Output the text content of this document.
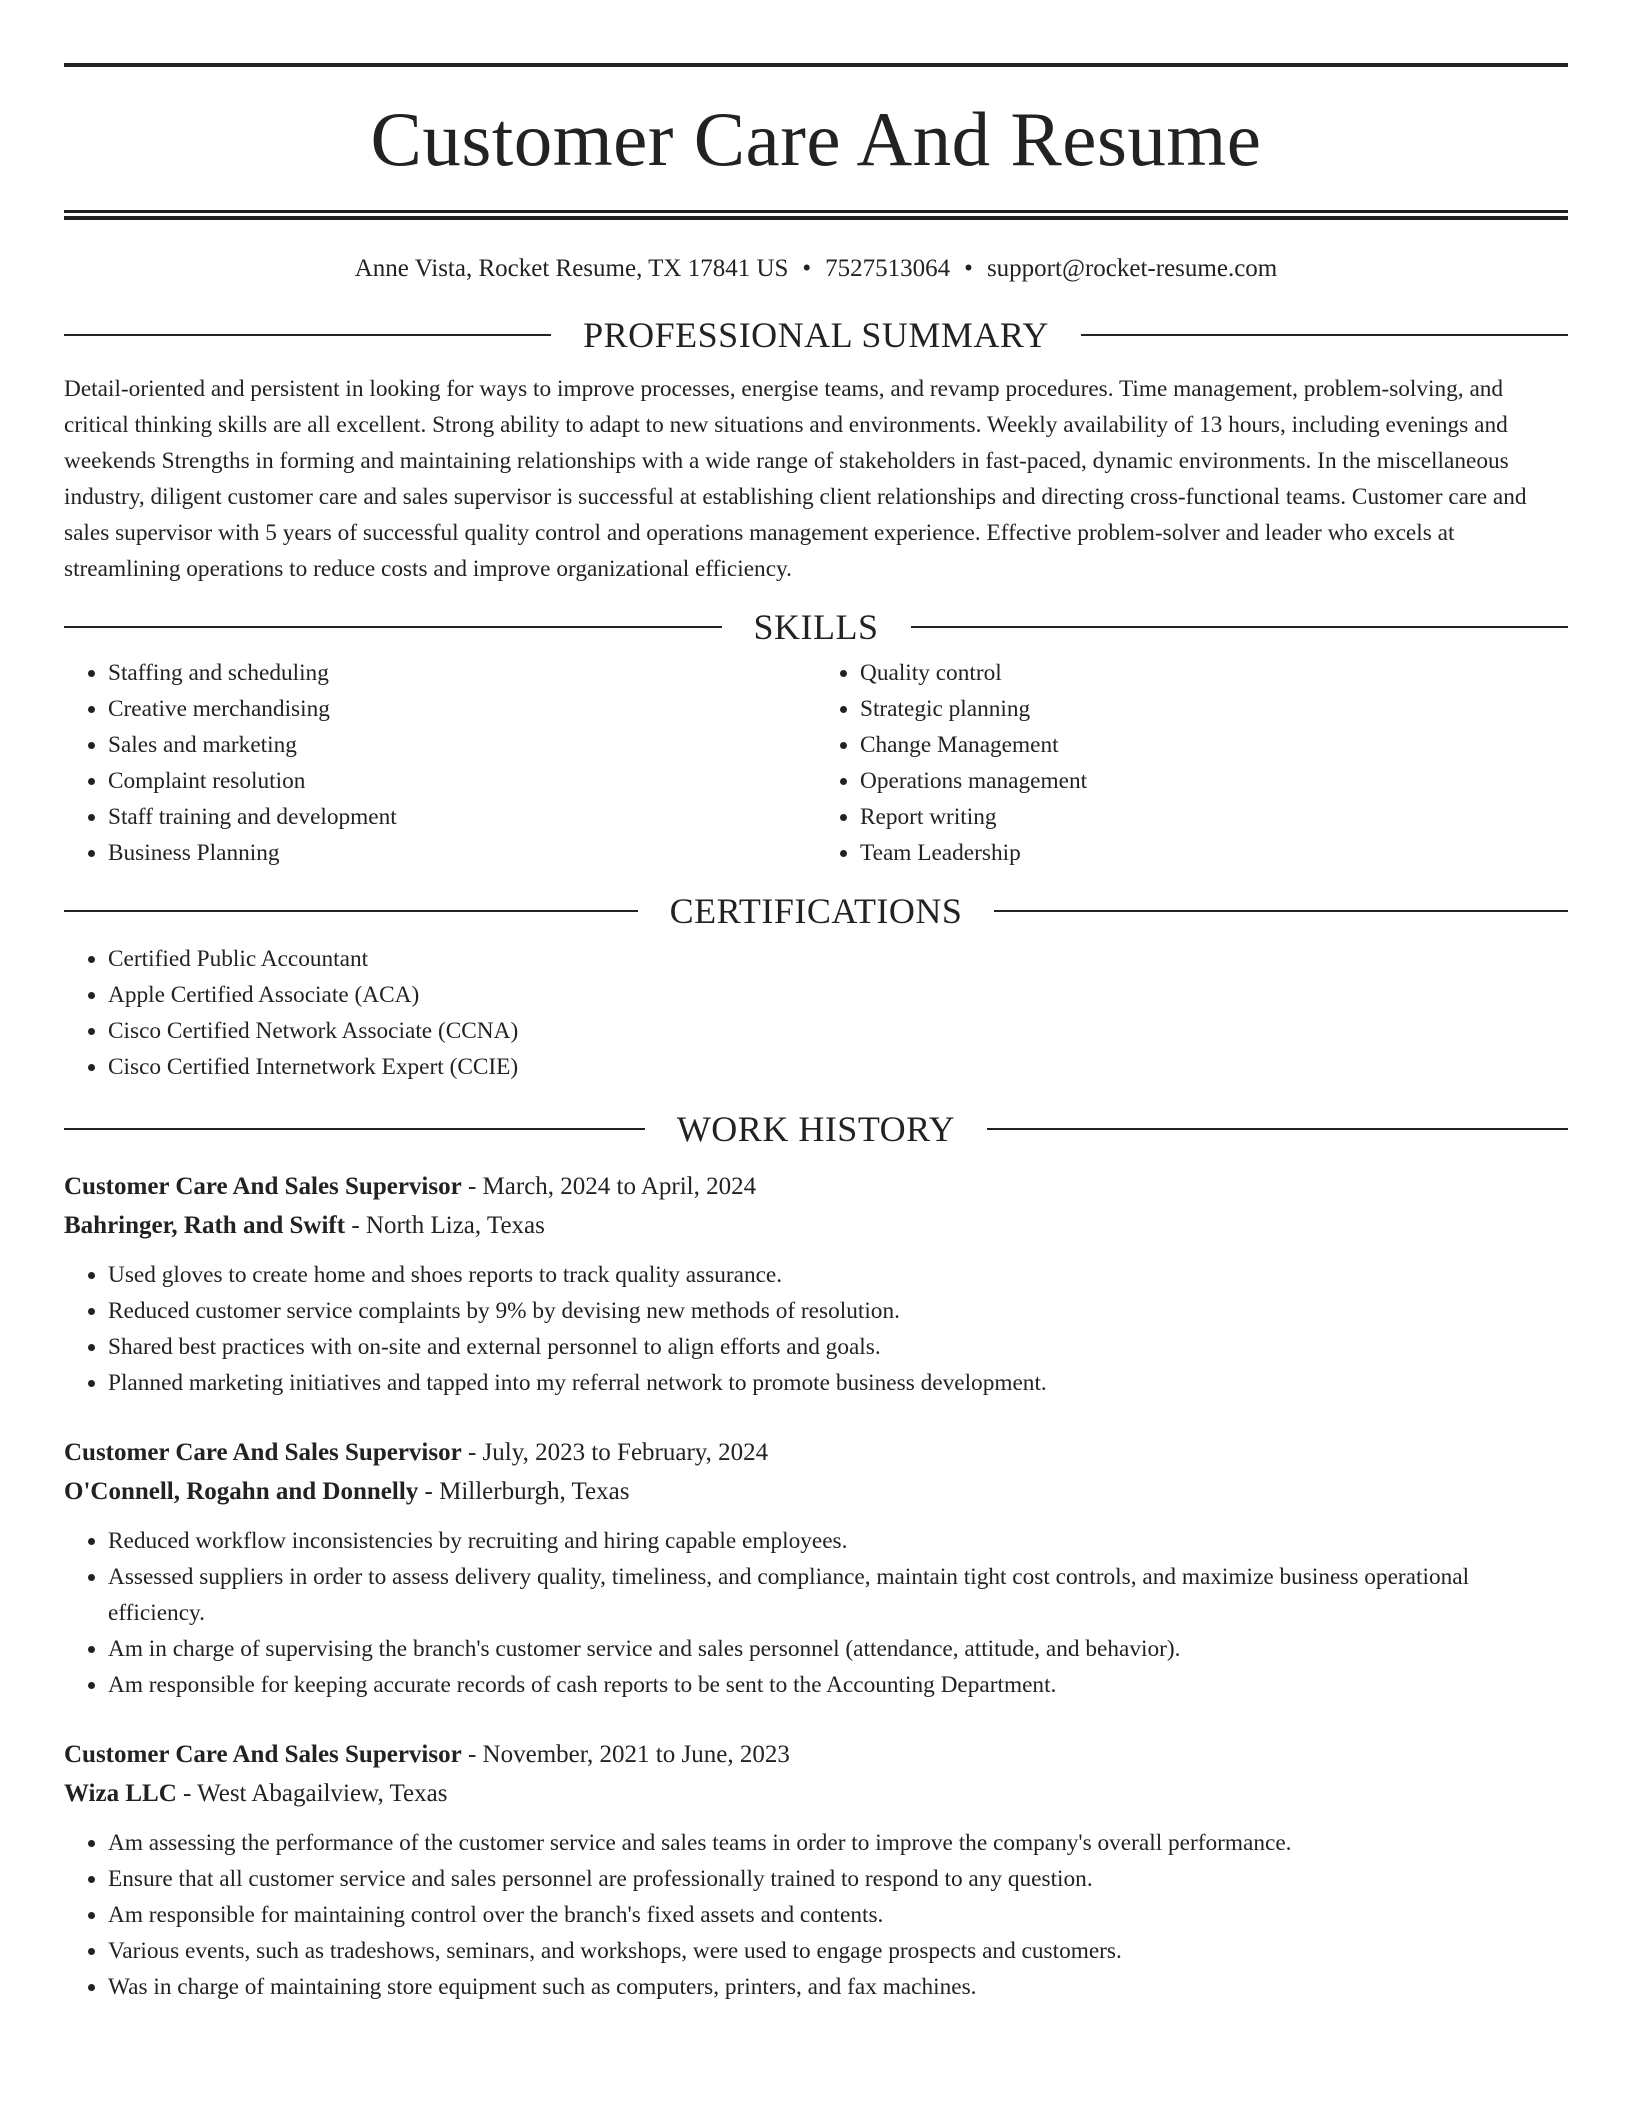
Customer Care And Resume
Anne Vista, Rocket Resume, TX 17841 US • 7527513064 • support@rocket-resume.com
PROFESSIONAL SUMMARY

Detail-oriented and persistent in looking for ways to improve processes, energise teams, and revamp procedures. Time management, problem-solving, and critical thinking skills are all excellent. Strong ability to adapt to new situations and environments. Weekly availability of 13 hours, including evenings and weekends Strengths in forming and maintaining relationships with a wide range of stakeholders in fast-paced, dynamic environments. In the miscellaneous industry, diligent customer care and sales supervisor is successful at establishing client relationships and directing cross-functional teams. Customer care and sales supervisor with 5 years of successful quality control and operations management experience. Effective problem-solver and leader who excels at streamlining operations to reduce costs and improve organizational efficiency.

SKILLS
• Staffing and scheduling
• Creative merchandising
• Sales and marketing
• Complaint resolution
• Staff training and development
• Business Planning
• Quality control
• Strategic planning
• Change Management
• Operations management
• Report writing
• Team Leadership
CERTIFICATIONS
• Certified Public Accountant
• Apple Certified Associate (ACA)
• Cisco Certified Network Associate (CCNA)
• Cisco Certified Internetwork Expert (CCIE)
WORK HISTORY
Customer Care And Sales Supervisor - March, 2024 to April, 2024
Bahringer, Rath and Swift - North Liza, Texas
• Used gloves to create home and shoes reports to track quality assurance.
• Reduced customer service complaints by 9% by devising new methods of resolution.
• Shared best practices with on-site and external personnel to align efforts and goals.
• Planned marketing initiatives and tapped into my referral network to promote business development.
Customer Care And Sales Supervisor - July, 2023 to February, 2024
O'Connell, Rogahn and Donnelly - Millerburgh, Texas
• Reduced workflow inconsistencies by recruiting and hiring capable employees.
• Assessed suppliers in order to assess delivery quality, timeliness, and compliance, maintain tight cost controls, and maximize business operational efficiency.
• Am in charge of supervising the branch's customer service and sales personnel (attendance, attitude, and behavior).
• Am responsible for keeping accurate records of cash reports to be sent to the Accounting Department.
Customer Care And Sales Supervisor - November, 2021 to June, 2023
Wiza LLC - West Abagailview, Texas
• Am assessing the performance of the customer service and sales teams in order to improve the company's overall performance.
• Ensure that all customer service and sales personnel are professionally trained to respond to any question.
• Am responsible for maintaining control over the branch's fixed assets and contents.
• Various events, such as tradeshows, seminars, and workshops, were used to engage prospects and customers.
• Was in charge of maintaining store equipment such as computers, printers, and fax machines.
